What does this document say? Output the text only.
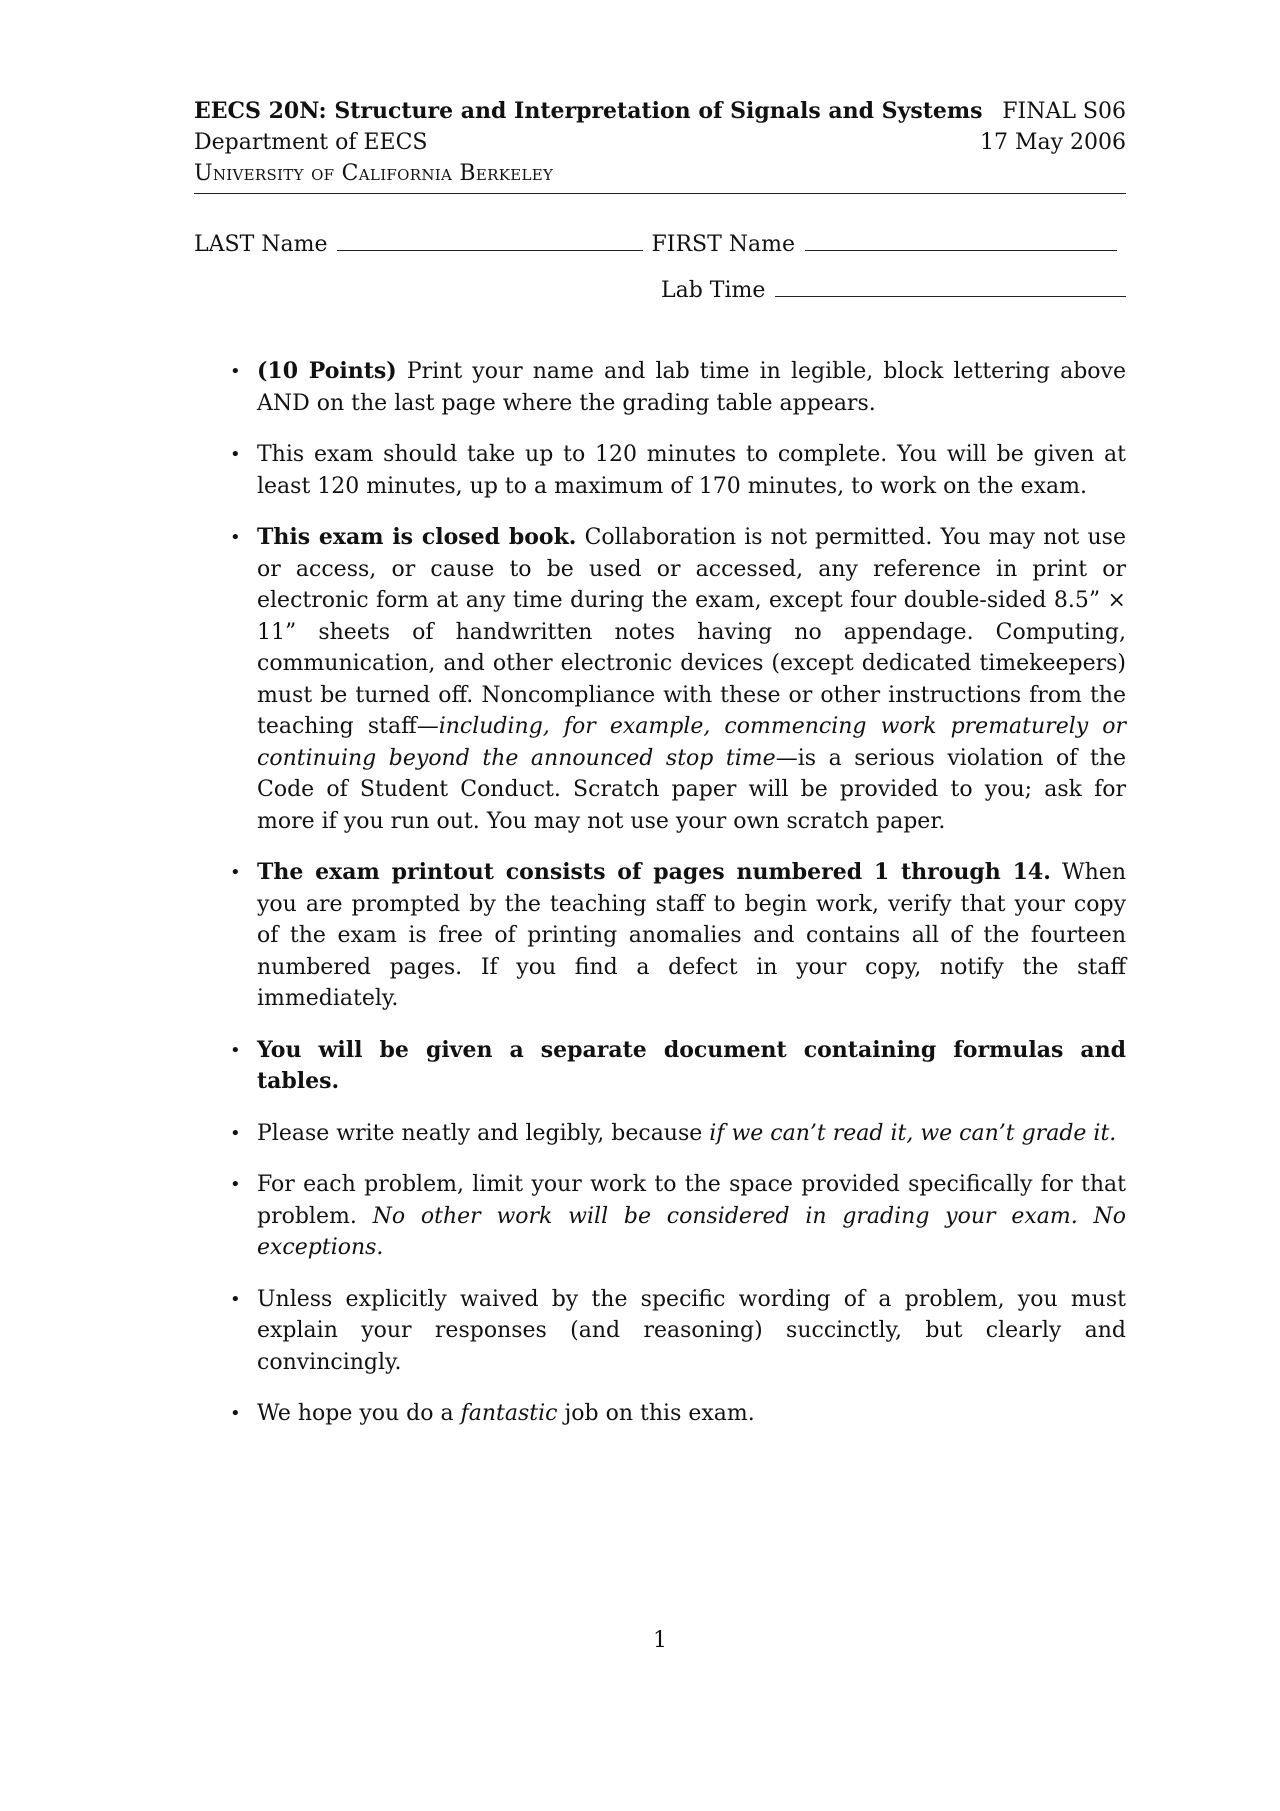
EECS 20N: Structure and Interpretation of Signals and Systems FINAL S06
Department of EECS	17 May 2006
University of California Berkeley
LAST Name	FIRST Name
Lab Time
• (10 Points) Print your name and lab time in legible, block lettering above AND on the last page where the grading table appears.
• This exam should take up to 120 minutes to complete. You will be given at least 120 minutes, up to a maximum of 170 minutes, to work on the exam.
• This exam is closed book. Collaboration is not permitted. You may not use or access, or cause to be used or accessed, any reference in print or electronic form at any time during the exam, except four double-sided 8.5” × 11” sheets of handwritten notes having no appendage. Computing, communication, and other electronic devices (except dedicated timekeepers) must be turned off. Noncompliance with these or other instructions from the teaching staff—including, for example, commencing work prematurely or continuing beyond the announced stop time—is a serious violation of the Code of Student Conduct. Scratch paper will be provided to you; ask for more if you run out. You may not use your own scratch paper.
• The exam printout consists of pages numbered 1 through 14. When you are prompted by the teaching staff to begin work, verify that your copy of the exam is free of printing anomalies and contains all of the fourteen numbered pages. If you find a defect in your copy, notify the staff immediately.
• You will be given a separate document containing formulas and tables.
• Please write neatly and legibly, because if we can’t read it, we can’t grade it.
• For each problem, limit your work to the space provided specifically for that problem. No other work will be considered in grading your exam. No exceptions.
• Unless explicitly waived by the specific wording of a problem, you must explain your responses (and reasoning) succinctly, but clearly and convincingly.
• We hope you do a fantastic job on this exam.
1
